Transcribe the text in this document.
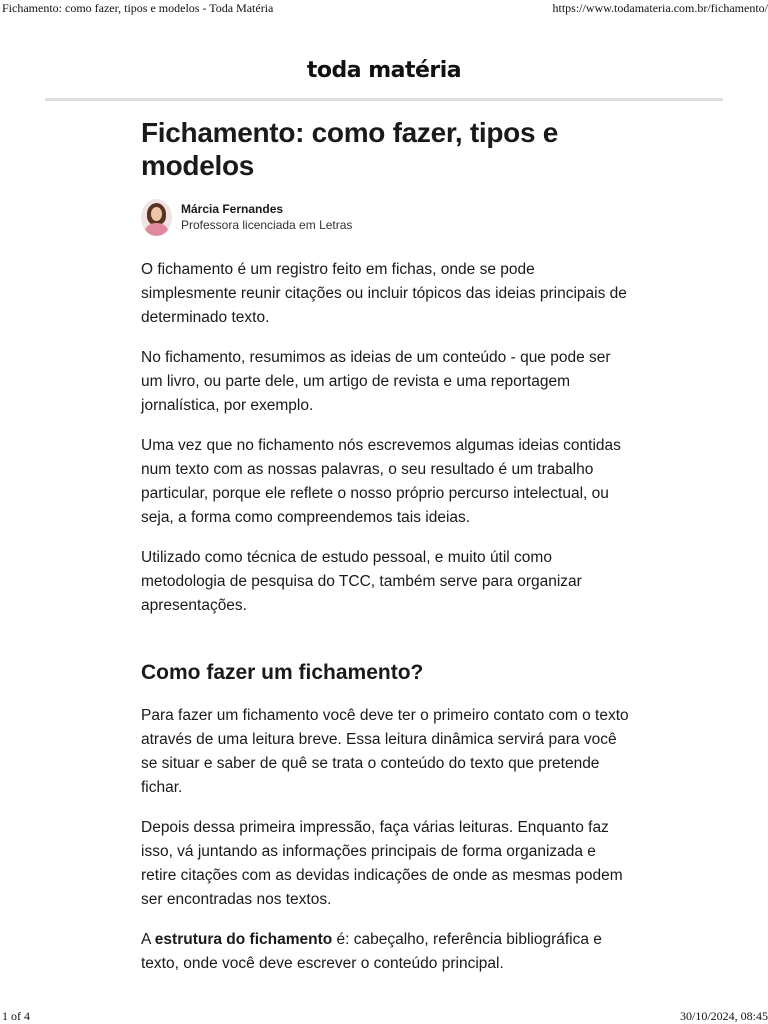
Fichamento: como fazer, tipos e modelos - Toda Matéria	https://www.todamateria.com.br/fichamento/
toda matéria
Fichamento: como fazer, tipos e modelos
Márcia Fernandes
Professora licenciada em Letras

O fichamento é um registro feito em fichas, onde se pode simplesmente reunir citações ou incluir tópicos das ideias principais de determinado texto.

No fichamento, resumimos as ideias de um conteúdo - que pode ser um livro, ou parte dele, um artigo de revista e uma reportagem jornalística, por exemplo.

Uma vez que no fichamento nós escrevemos algumas ideias contidas num texto com as nossas palavras, o seu resultado é um trabalho particular, porque ele reflete o nosso próprio percurso intelectual, ou seja, a forma como compreendemos tais ideias.

Utilizado como técnica de estudo pessoal, e muito útil como metodologia de pesquisa do TCC, também serve para organizar apresentações.

Como fazer um fichamento?

Para fazer um fichamento você deve ter o primeiro contato com o texto através de uma leitura breve. Essa leitura dinâmica servirá para você se situar e saber de quê se trata o conteúdo do texto que pretende fichar.

Depois dessa primeira impressão, faça várias leituras. Enquanto faz isso, vá juntando as informações principais de forma organizada e retire citações com as devidas indicações de onde as mesmas podem ser encontradas nos textos.

A estrutura do fichamento é: cabeçalho, referência bibliográfica e texto, onde você deve escrever o conteúdo principal.

1 of 4	30/10/2024, 08:45
